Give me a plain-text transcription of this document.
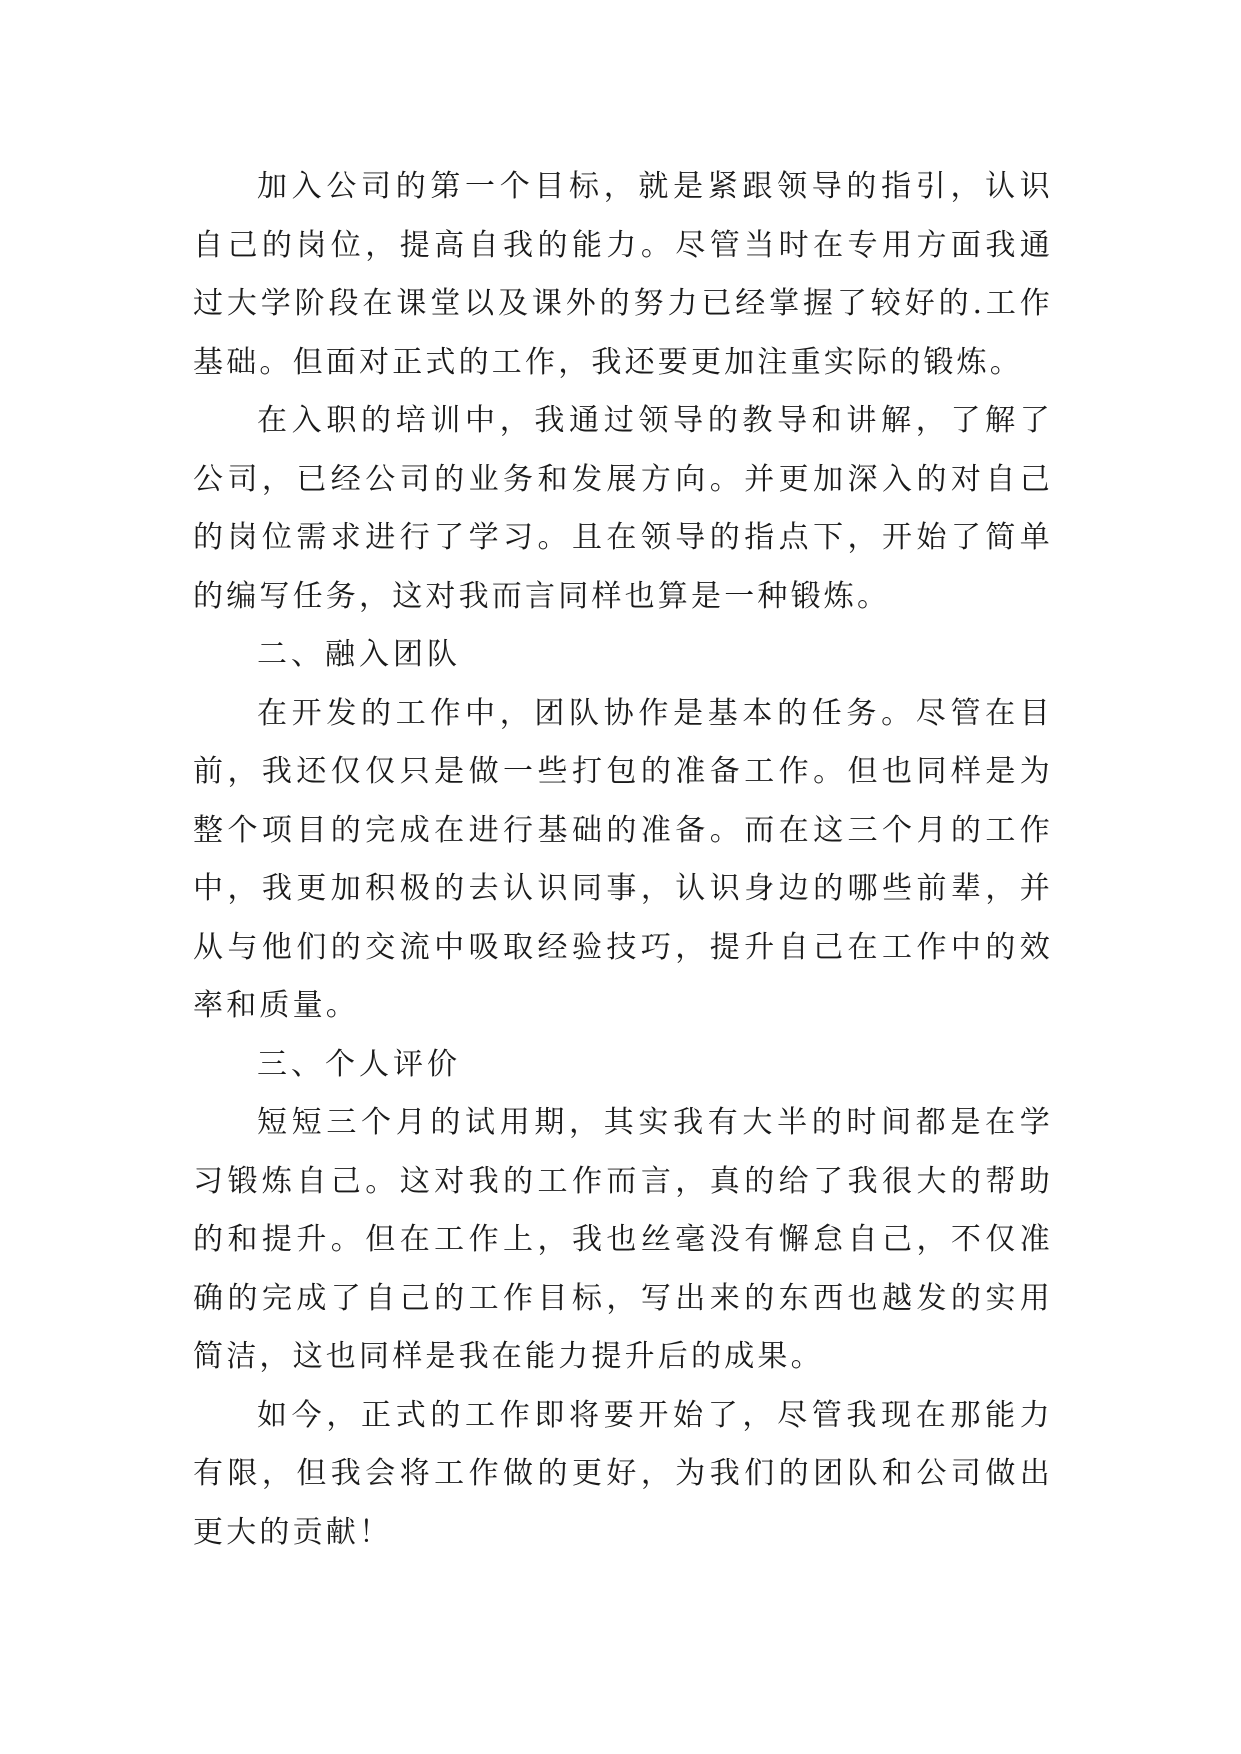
加入公司的第一个目标，就是紧跟领导的指引，认识自己的岗位，提高自我的能力。尽管当时在专用方面我通过大学阶段在课堂以及课外的努力已经掌握了较好的.工作基础。但面对正式的工作，我还要更加注重实际的锻炼。

在入职的培训中，我通过领导的教导和讲解，了解了公司，已经公司的业务和发展方向。并更加深入的对自己的岗位需求进行了学习。且在领导的指点下，开始了简单的编写任务，这对我而言同样也算是一种锻炼。

二、融入团队

在开发的工作中，团队协作是基本的任务。尽管在目前，我还仅仅只是做一些打包的准备工作。但也同样是为整个项目的完成在进行基础的准备。而在这三个月的工作中，我更加积极的去认识同事，认识身边的哪些前辈，并从与他们的交流中吸取经验技巧，提升自己在工作中的效率和质量。

三、个人评价

短短三个月的试用期，其实我有大半的时间都是在学习锻炼自己。这对我的工作而言，真的给了我很大的帮助的和提升。但在工作上，我也丝毫没有懈怠自己，不仅准确的完成了自己的工作目标，写出来的东西也越发的实用简洁，这也同样是我在能力提升后的成果。

如今，正式的工作即将要开始了，尽管我现在那能力有限，但我会将工作做的更好，为我们的团队和公司做出更大的贡献！
